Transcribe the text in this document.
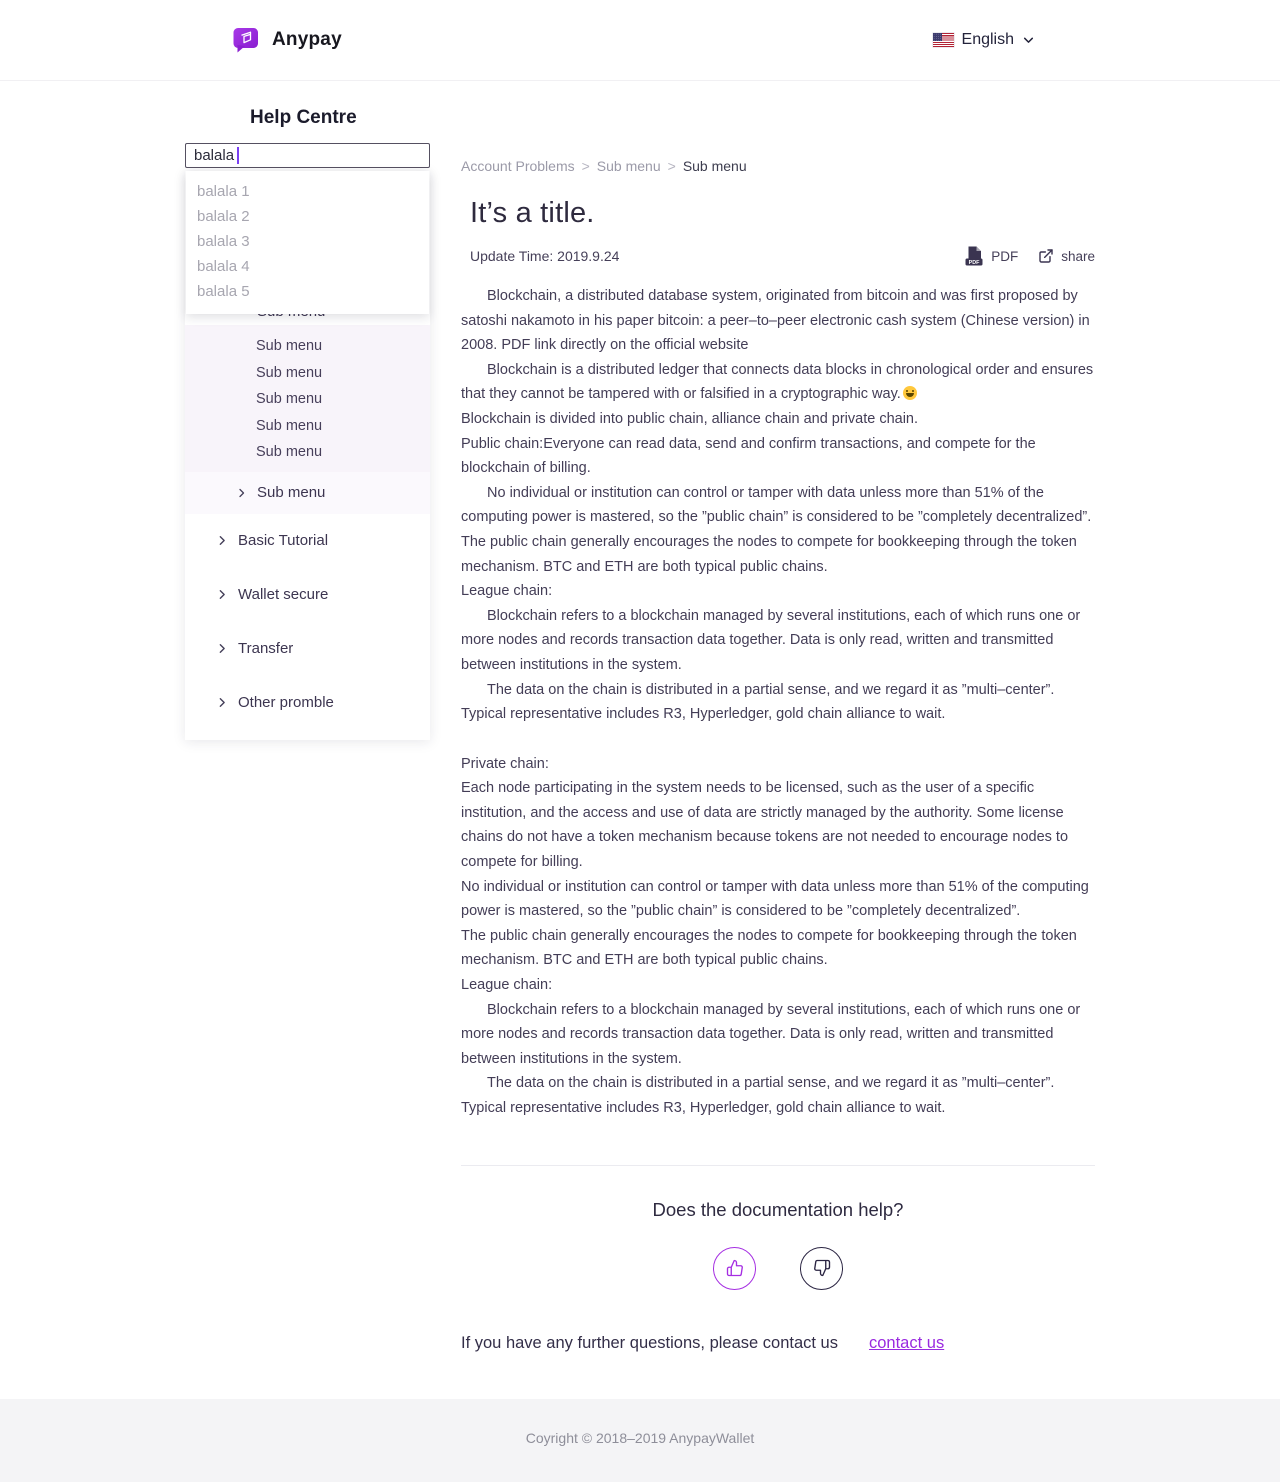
Anypay	English
Help Centre
balala
balala 1
balala 2
balala 3
balala 4
balala 5
Sub menu
Sub menu
Sub menu
Sub menu
Sub menu
Sub menu
Basic Tutorial
Wallet secure
Transfer
Other promble
Account Problems > Sub menu > Sub menu
It’s a title.
Update Time: 2019.9.24	PDF PDF	share

Blockchain, a distributed database system, originated from bitcoin and was first proposed by satoshi nakamoto in his paper bitcoin: a peer–to–peer electronic cash system (Chinese version) in 2008. PDF link directly on the official website

Blockchain is a distributed ledger that connects data blocks in chronological order and ensures that they cannot be tampered with or falsified in a cryptographic way.

Blockchain is divided into public chain, alliance chain and private chain.

Public chain:Everyone can read data, send and confirm transactions, and compete for the blockchain of billing.

No individual or institution can control or tamper with data unless more than 51% of the computing power is mastered, so the ”public chain” is considered to be ”completely decentralized”.

The public chain generally encourages the nodes to compete for bookkeeping through the token mechanism. BTC and ETH are both typical public chains.

League chain:

Blockchain refers to a blockchain managed by several institutions, each of which runs one or more nodes and records transaction data together. Data is only read, written and transmitted between institutions in the system.

The data on the chain is distributed in a partial sense, and we regard it as ”multi–center”. Typical representative includes R3, Hyperledger, gold chain alliance to wait.

Private chain:

Each node participating in the system needs to be licensed, such as the user of a specific institution, and the access and use of data are strictly managed by the authority. Some license chains do not have a token mechanism because tokens are not needed to encourage nodes to compete for billing.

No individual or institution can control or tamper with data unless more than 51% of the computing power is mastered, so the ”public chain” is considered to be ”completely decentralized”.

The public chain generally encourages the nodes to compete for bookkeeping through the token mechanism. BTC and ETH are both typical public chains.

League chain:

Blockchain refers to a blockchain managed by several institutions, each of which runs one or more nodes and records transaction data together. Data is only read, written and transmitted between institutions in the system.

The data on the chain is distributed in a partial sense, and we regard it as ”multi–center”. Typical representative includes R3, Hyperledger, gold chain alliance to wait.

Does the documentation help?
If you have any further questions, please contact us contact us
Coyright © 2018–2019 AnypayWallet
